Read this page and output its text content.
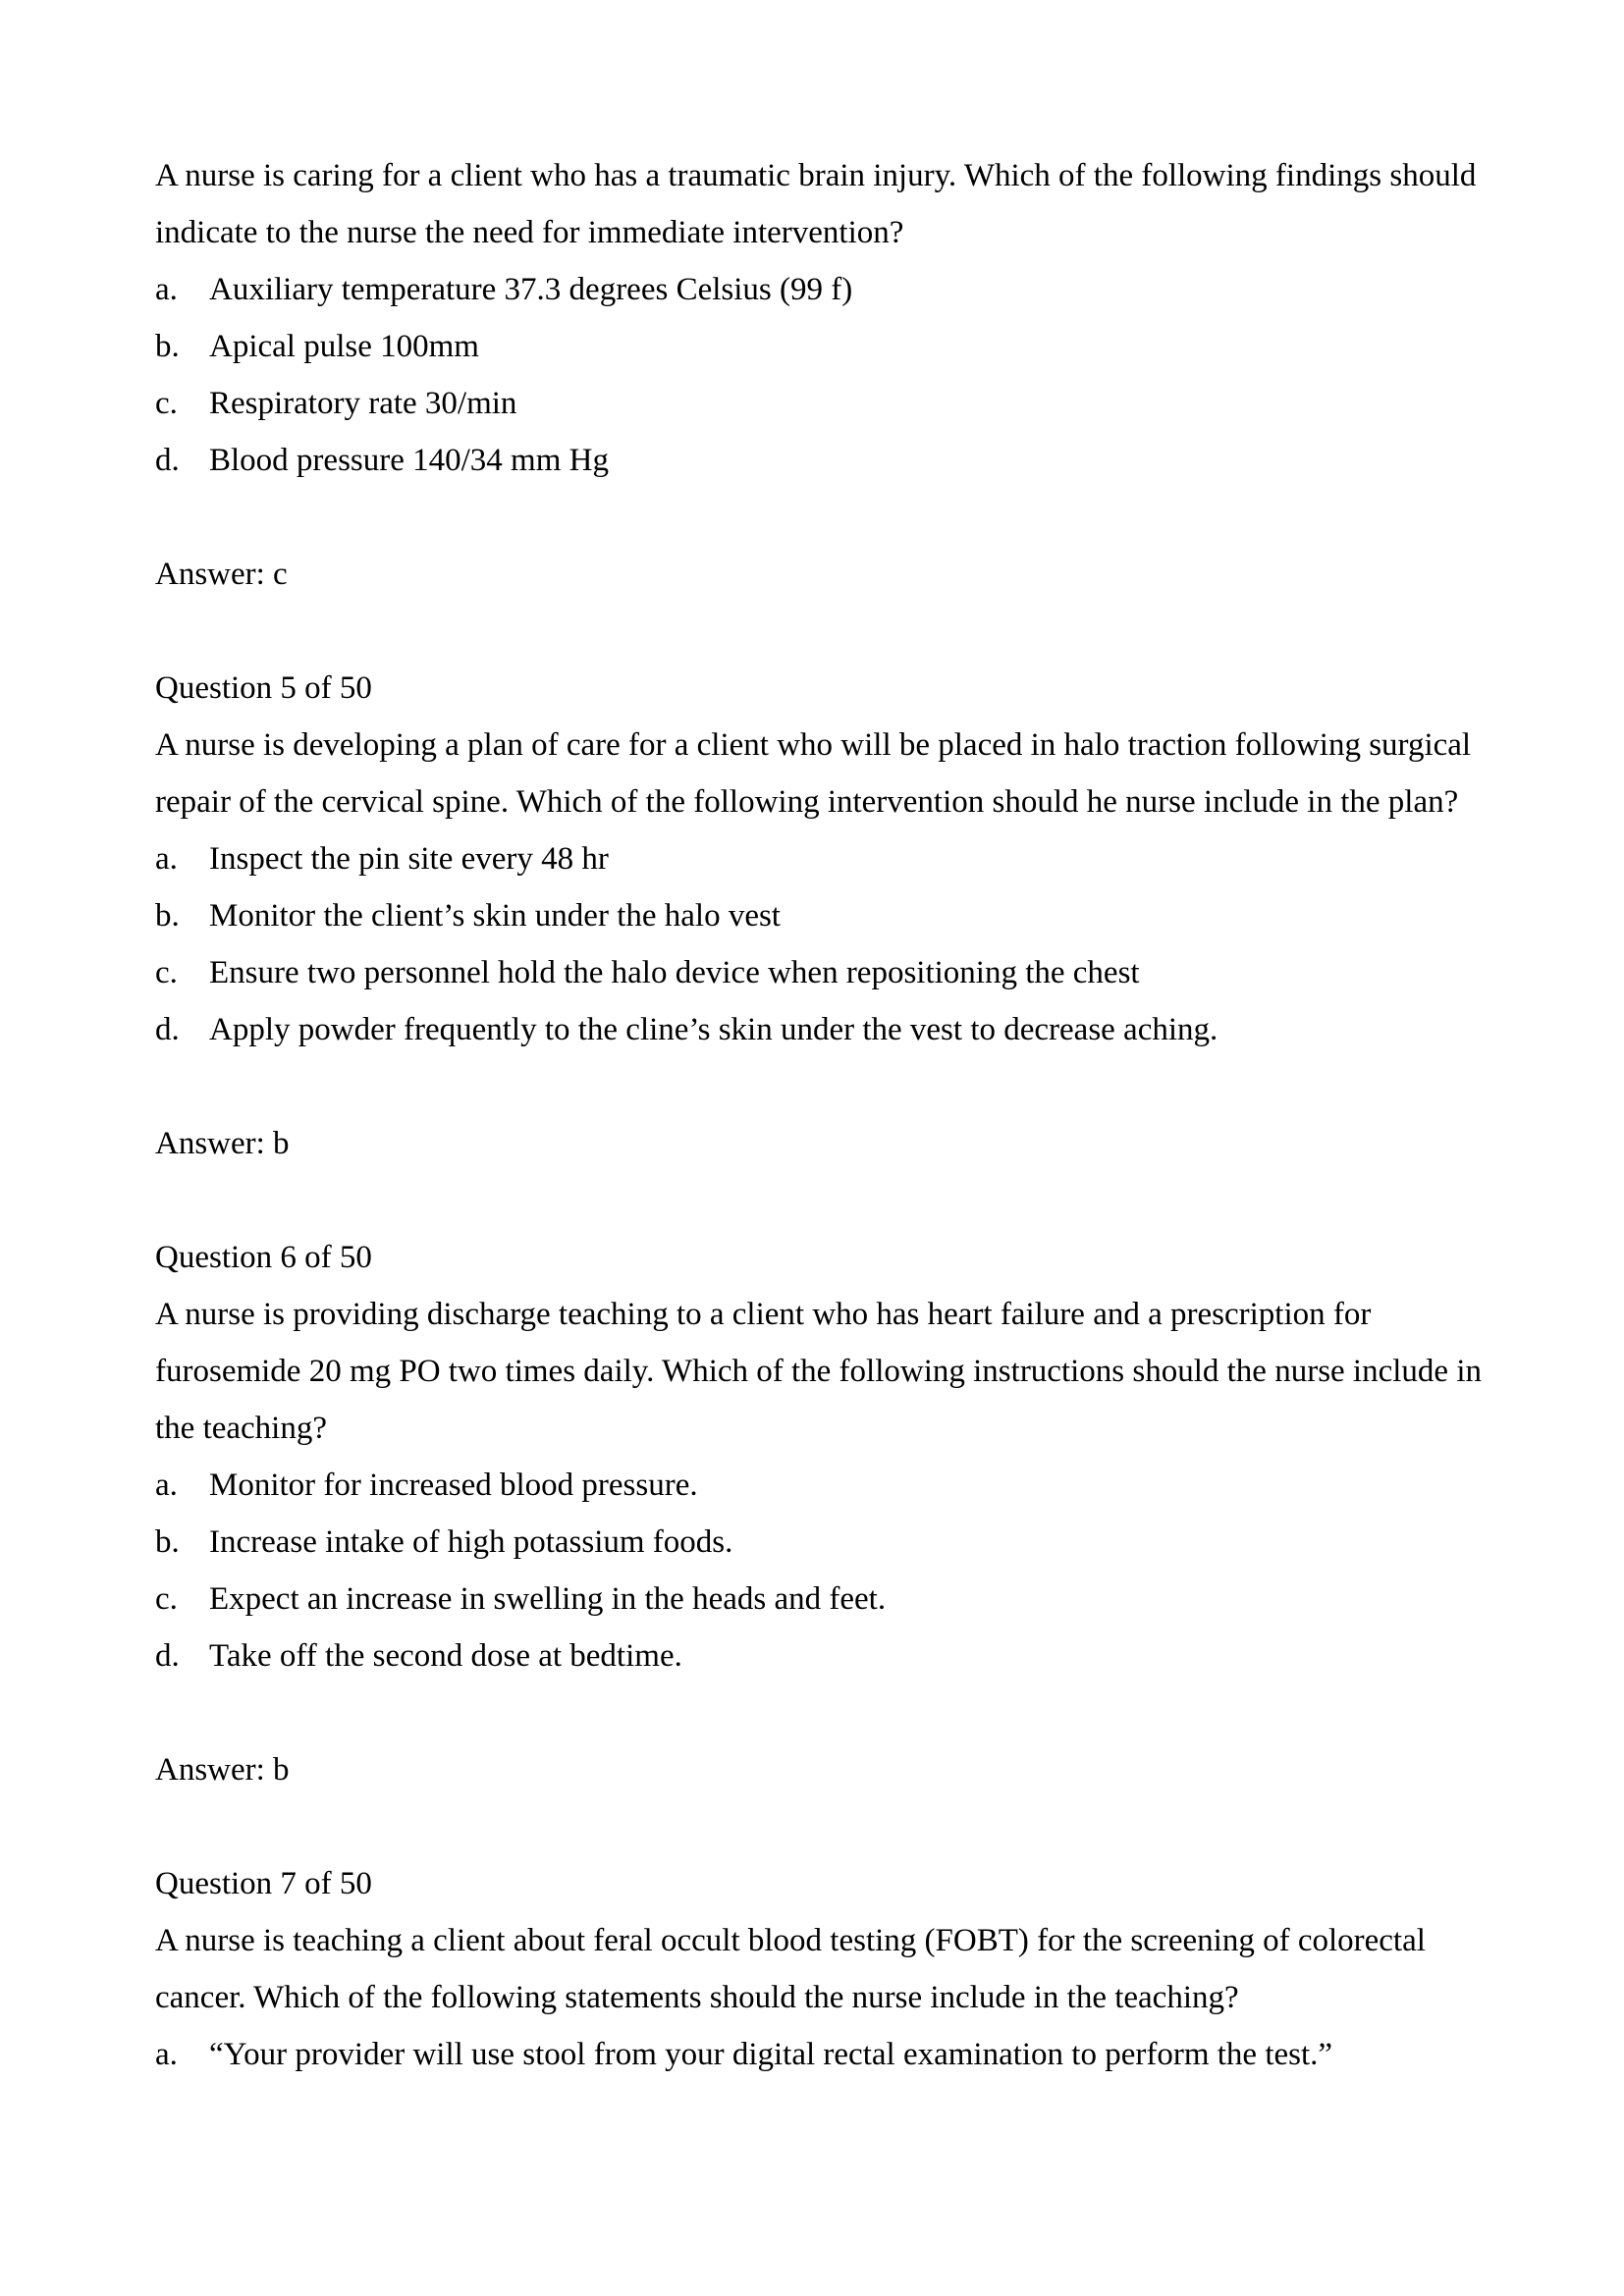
A nurse is caring for a client who has a traumatic brain injury. Which of the following findings should indicate to the nurse the need for immediate intervention?

a. Auxiliary temperature 37.3 degrees Celsius (99 f)
b. Apical pulse 100mm
c. Respiratory rate 30/min
d. Blood pressure 140/34 mm Hg

Answer: c

Question 5 of 50

A nurse is developing a plan of care for a client who will be placed in halo traction following surgical repair of the cervical spine. Which of the following intervention should he nurse include in the plan?

a. Inspect the pin site every 48 hr
b. Monitor the client’s skin under the halo vest
c. Ensure two personnel hold the halo device when repositioning the chest
d. Apply powder frequently to the cline’s skin under the vest to decrease aching.

Answer: b

Question 6 of 50

A nurse is providing discharge teaching to a client who has heart failure and a prescription for furosemide 20 mg PO two times daily. Which of the following instructions should the nurse include in the teaching?

a. Monitor for increased blood pressure.
b. Increase intake of high potassium foods.
c. Expect an increase in swelling in the heads and feet.
d. Take off the second dose at bedtime.

Answer: b

Question 7 of 50

A nurse is teaching a client about feral occult blood testing (FOBT) for the screening of colorectal cancer. Which of the following statements should the nurse include in the teaching?

a. “Your provider will use stool from your digital rectal examination to perform the test.”
